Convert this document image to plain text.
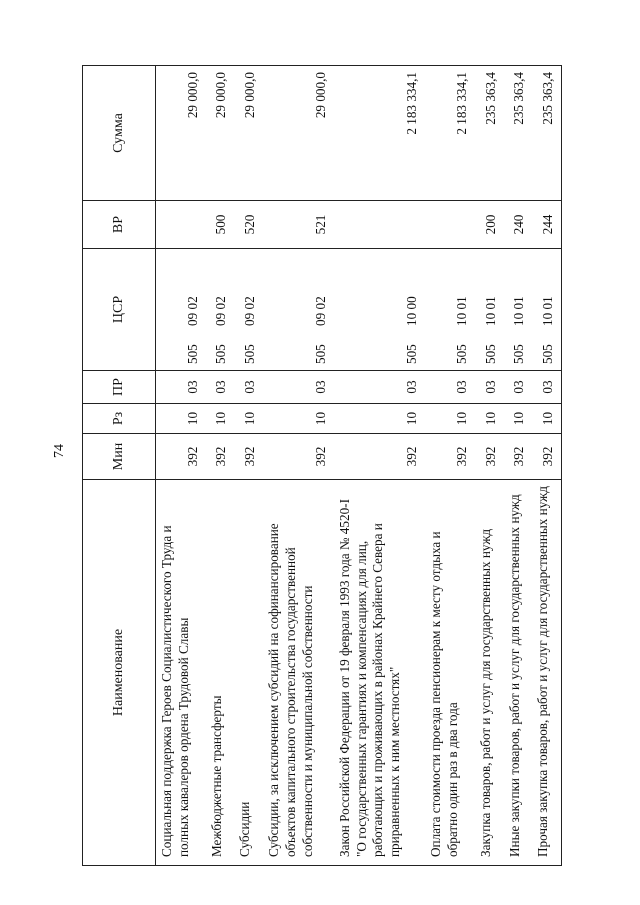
74
Наименование	Мин	Рз	ПР	ЦСР	ВР	Сумма
Социальная поддержка Героев Социалистического Труда и полных кавалеров ордена Трудовой Славы	392	10	03	50509 02		29 000,0
Межбюджетные трансферты	392	10	03	50509 02	500	29 000,0
Субсидии	392	10	03	50509 02	520	29 000,0
Субсидии, за исключением субсидий на софинансирование объектов капитального строительства государственной собственности и муниципальной собственности	392	10	03	50509 02	521	29 000,0
Закон Российской Федерации от 19 февраля 1993 года № 4520-I "О государственных гарантиях и компенсациях для лиц, работающих и проживающих в районах Крайнего Севера и приравненных к ним местностях"	392	10	03	50510 00		2 183 334,1
Оплата стоимости проезда пенсионерам к месту отдыха и обратно один раз в два года	392	10	03	50510 01		2 183 334,1
Закупка товаров, работ и услуг для государственных нужд	392	10	03	50510 01	200	235 363,4
Иные закупки товаров, работ и услуг для государственных нужд	392	10	03	50510 01	240	235 363,4
Прочая закупка товаров, работ и услуг для государственных нужд	392	10	03	50510 01	244	235 363,4
